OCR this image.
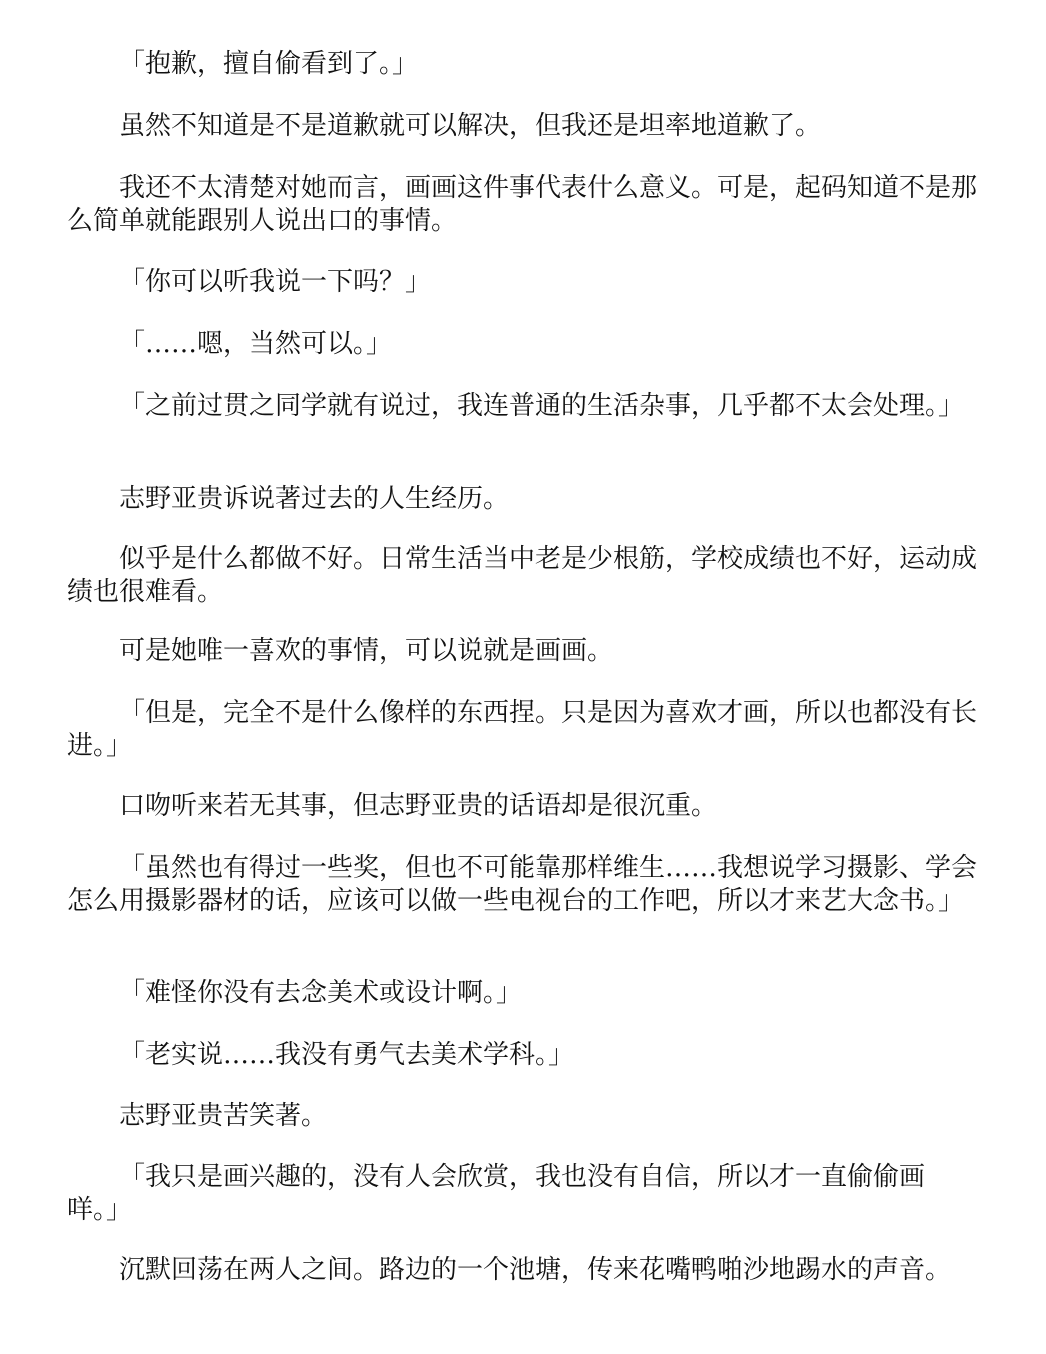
「抱歉，擅自偷看到了。」

虽然不知道是不是道歉就可以解决，但我还是坦率地道歉了。

我还不太清楚对她而言，画画这件事代表什么意义。可是，起码知道不是那么简单就能跟别人说出口的事情。

「你可以听我说一下吗？」

「……嗯，当然可以。」

「之前过贯之同学就有说过，我连普通的生活杂事，几乎都不太会处理。」

志野亚贵诉说著过去的人生经历。

似乎是什么都做不好。日常生活当中老是少根筋，学校成绩也不好，运动成绩也很难看。

可是她唯一喜欢的事情，可以说就是画画。

「但是，完全不是什么像样的东西捏。只是因为喜欢才画，所以也都没有长进。」

口吻听来若无其事，但志野亚贵的话语却是很沉重。

「虽然也有得过一些奖，但也不可能靠那样维生……我想说学习摄影、学会怎么用摄影器材的话，应该可以做一些电视台的工作吧，所以才来艺大念书。」

「难怪你没有去念美术或设计啊。」

「老实说……我没有勇气去美术学科。」

志野亚贵苦笑著。

「我只是画兴趣的，没有人会欣赏，我也没有自信，所以才一直偷偷画咩。」

沉默回荡在两人之间。路边的一个池塘，传来花嘴鸭啪沙地踢水的声音。
